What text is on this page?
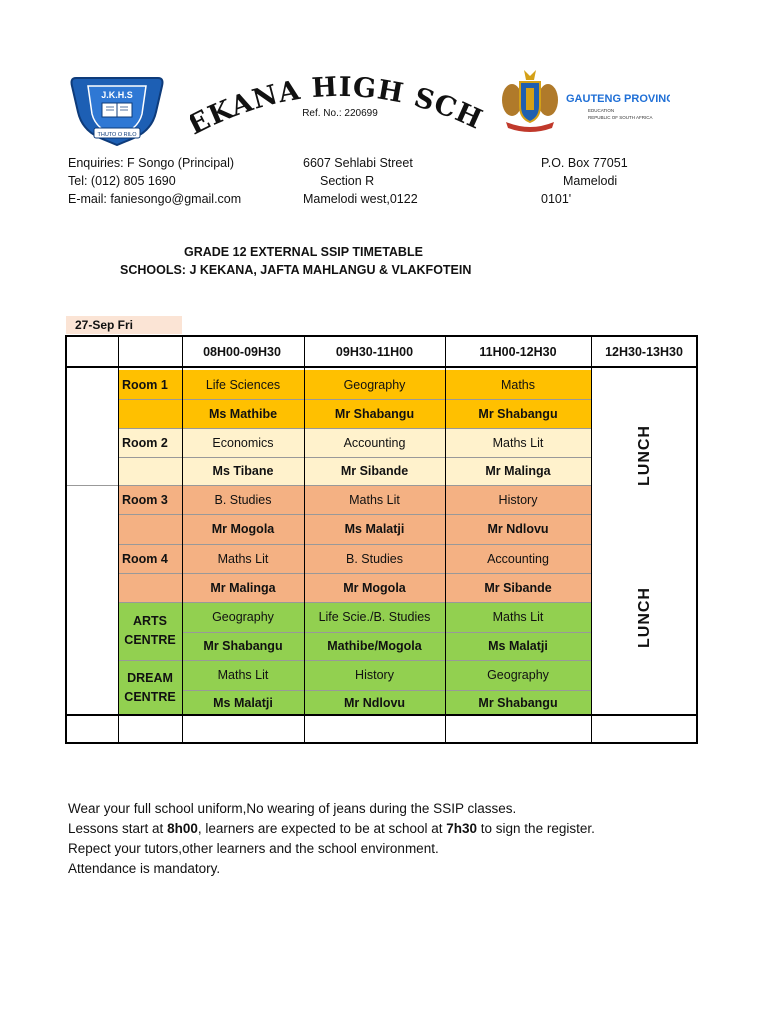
J.K.H.S
THUTO O RILO
KANA HIGH SCH
Ref. No.: 220699
GAUTENG PROVINCE
EDUCATION
REPUBLIC OF SOUTH AFRICA
Enquiries: F Songo (Principal)
Tel: (012) 805 1690
E-mail: faniesongo@gmail.com
6607 Sehlabi Street
Section R
Mamelodi west,0122
P.O. Box 77051
Mamelodi
0101'
GRADE 12 EXTERNAL SSIP TIMETABLE
SCHOOLS: J KEKANA, JAFTA MAHLANGU & VLAKFOTEIN
27-Sep Fri
08H00-09H30	09H30-11H00	11H00-12H30	12H30-13H30
Room 1	Life Sciences	Geography	Maths
Ms Mathibe	Mr Shabangu	Mr Shabangu
Room 2	Economics	Accounting	Maths Lit
Ms Tibane	Mr Sibande	Mr Malinga
Room 3	B. Studies	Maths Lit	History
Mr Mogola	Ms Malatji	Mr Ndlovu
Room 4	Maths Lit	B. Studies	Accounting
Mr Malinga	Mr Mogola	Mr Sibande
ARTS
CENTRE
Geography	Life Scie./B. Studies	Maths Lit
Mr Shabangu	Mathibe/Mogola	Ms Malatji
DREAM
CENTRE
Maths Lit	History	Geography
Ms Malatji	Mr Ndlovu	Mr Shabangu
LUNCH
LUNCH

Wear your full school uniform,No wearing of jeans during the SSIP classes.

Lessons start at 8h00, learners are expected to be at school at 7h30 to sign the register.

Repect your tutors,other learners and the school environment.

Attendance is mandatory.
